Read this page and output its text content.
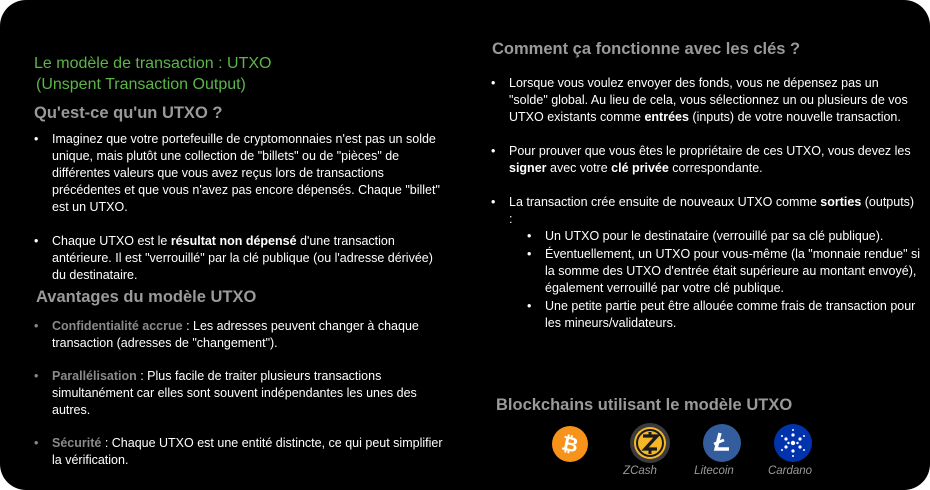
Le modèle de transaction : UTXO
(Unspent Transaction Output)
Qu'est-ce qu'un UTXO ?
• Imaginez que votre portefeuille de cryptomonnaies n'est pas un solde unique, mais plutôt une collection de "billets" ou de "pièces" de différentes valeurs que vous avez reçus lors de transactions précédentes et que vous n'avez pas encore dépensés. Chaque "billet" est un UTXO.
• Chaque UTXO est le résultat non dépensé d'une transaction antérieure. Il est "verrouillé" par la clé publique (ou l'adresse dérivée) du destinataire.
Avantages du modèle UTXO
• Confidentialité accrue : Les adresses peuvent changer à chaque transaction (adresses de "changement").
• Parallélisation : Plus facile de traiter plusieurs transactions simultanément car elles sont souvent indépendantes les unes des autres.
• Sécurité : Chaque UTXO est une entité distincte, ce qui peut simplifier la vérification.
Comment ça fonctionne avec les clés ?
• Lorsque vous voulez envoyer des fonds, vous ne dépensez pas un "solde" global. Au lieu de cela, vous sélectionnez un ou plusieurs de vos UTXO existants comme entrées (inputs) de votre nouvelle transaction.
• Pour prouver que vous êtes le propriétaire de ces UTXO, vous devez les signer avec votre clé privée correspondante.
• La transaction crée ensuite de nouveaux UTXO comme sorties (outputs) :
• Un UTXO pour le destinataire (verrouillé par sa clé publique).
• Éventuellement, un UTXO pour vous-même (la "monnaie rendue" si la somme des UTXO d'entrée était supérieure au montant envoyé), également verrouillé par votre clé publique.
• Une petite partie peut être allouée comme frais de transaction pour les mineurs/validateurs.
Blockchains utilisant le modèle UTXO
₿
ZCash	Litecoin	Cardano
